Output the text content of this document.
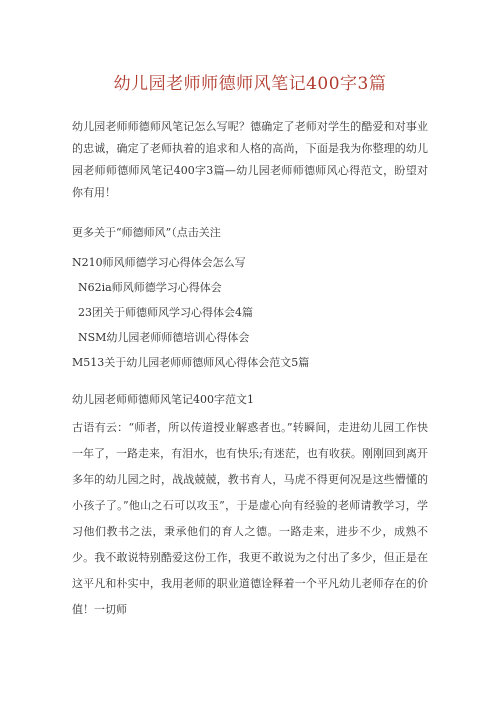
幼儿园老师师德师风笔记400字3篇

幼儿园老师师德师风笔记怎么写呢？德确定了老师对学生的酷爱和对事业的忠诚，确定了老师执着的追求和人格的高尚，下面是我为你整理的幼儿园老师师德师风笔记400字3篇—幼儿园老师师德师风心得范文，盼望对你有用！

更多关于“师德师风”（点击关注

N210师风师德学习心得体会怎么写
N62ia师风师德学习心得体会
23团关于师德师风学习心得体会4篇
NSM幼儿园老师师德培训心得体会
M513关于幼儿园老师师德师风心得体会范文5篇
幼儿园老师师德师风笔记400字范文1

古语有云：“师者，所以传道授业解惑者也。”转瞬间，走进幼儿园工作快一年了，一路走来，有泪水，也有快乐;有迷茫，也有收获。刚刚回到离开多年的幼儿园之时，战战兢兢，教书育人，马虎不得更何况是这些懵懂的小孩子了。”他山之石可以攻玉”，于是虚心向有经验的老师请教学习，学习他们教书之法，秉承他们的育人之德。一路走来，进步不少，成熟不少。我不敢说特别酷爱这份工作，我更不敢说为之付出了多少，但正是在这平凡和朴实中，我用老师的职业道德诠释着一个平凡幼儿老师存在的价值！一切师
